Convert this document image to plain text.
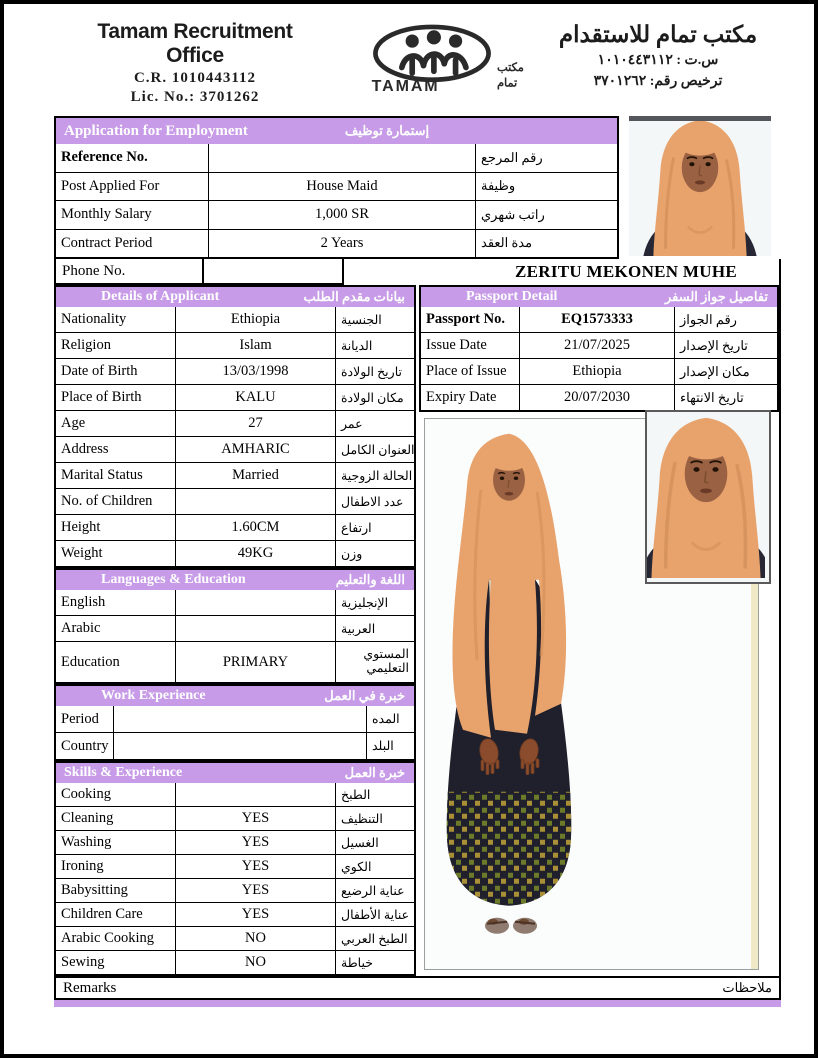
Tamam Recruitment Office
C.R. 1010443112
Lic. No.: 3701262
TAMAM
مكتب
تمام
مكتب تمام للاستقدام
س.ت : ١٠١٠٤٤٣١١٢
ترخيص رقم: ٣٧٠١٢٦٢
Application for Employment	إستمارة توظيف
Reference No.	رقم المرجع
Post Applied For	House Maid	وظيفة
Monthly Salary	1,000 SR	راتب شهري
Contract Period	2 Years	مدة العقد
Phone No.	ZERITU MEKONEN MUHE
Details of Applicant	بيانات مقدم الطلب
Nationality	Ethiopia	الجنسية
Religion	Islam	الديانة
Date of Birth	13/03/1998	تاريخ الولادة
Place of Birth	KALU	مكان الولادة
Age	27	عمر
Address	AMHARIC	العنوان الكامل
Marital Status	Married	الحالة الزوجية
No. of Children	عدد الاطفال
Height	1.60CM	ارتفاع
Weight	49KG	وزن
Languages & Education	اللغة والتعليم
English	الإنجليزية
Arabic	العربية
Education	PRIMARY	المستوي التعليمي
Work Experience	خبرة في العمل
Period	المده
Country	البلد
Skills & Experience	خبرة العمل
Cooking	الطبخ
Cleaning	YES	التنظيف
Washing	YES	الغسيل
Ironing	YES	الكوي
Babysitting	YES	عناية الرضيع
Children Care	YES	عناية الأطفال
Arabic Cooking	NO	الطبخ العربي
Sewing	NO	خياطة
Passport Detail	تفاصيل جواز السفر
Passport No.	EQ1573333	رقم الجواز
Issue Date	21/07/2025	تاريخ الإصدار
Place of Issue	Ethiopia	مكان الإصدار
Expiry Date	20/07/2030	تاريخ الانتهاء
Remarks	ملاحظات
